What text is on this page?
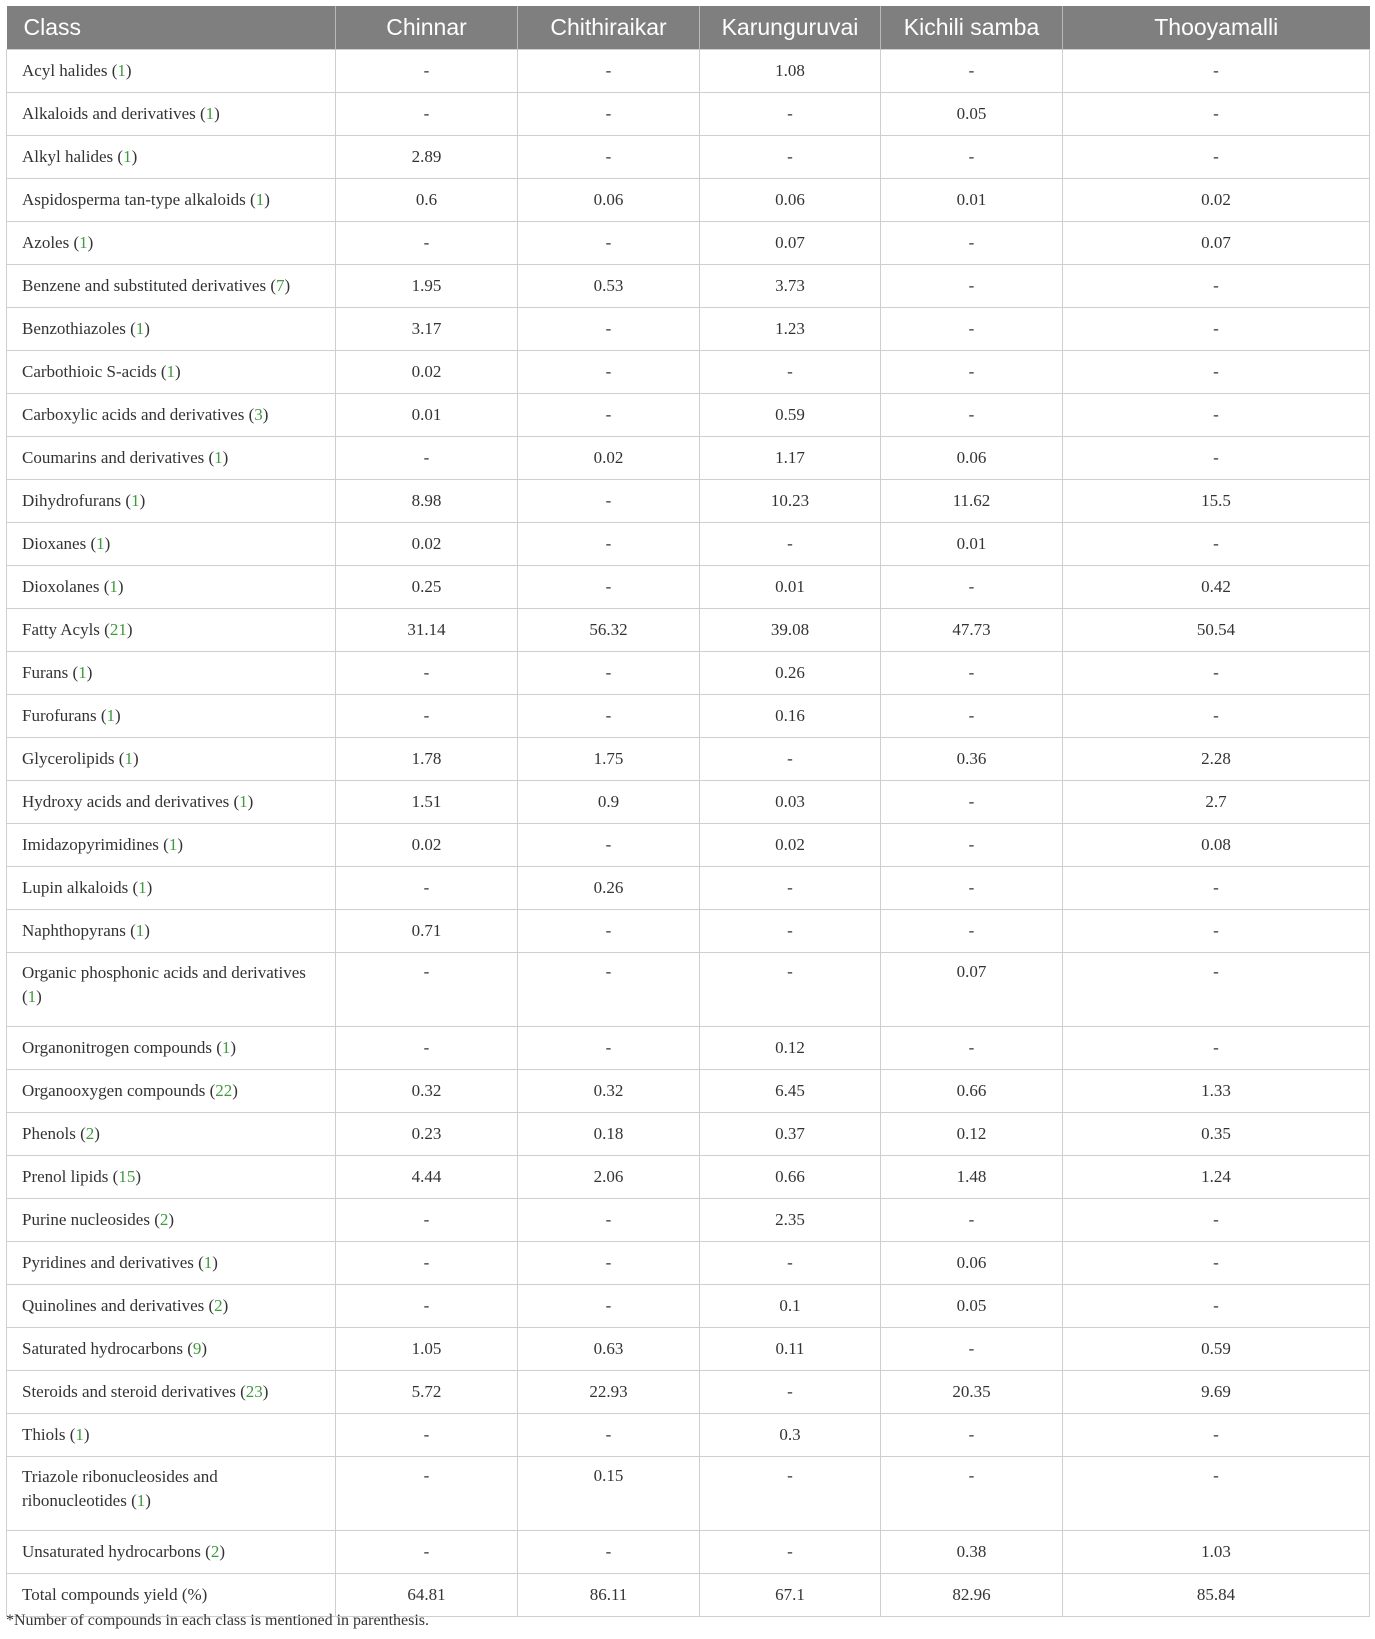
Class	Chinnar	Chithiraikar	Karunguruvai	Kichili samba	Thooyamalli
Acyl halides (1)	-	-	1.08	-	-
Alkaloids and derivatives (1)	-	-	-	0.05	-
Alkyl halides (1)	2.89	-	-	-	-
Aspidosperma tan-type alkaloids (1)	0.6	0.06	0.06	0.01	0.02
Azoles (1)	-	-	0.07	-	0.07
Benzene and substituted derivatives (7)	1.95	0.53	3.73	-	-
Benzothiazoles (1)	3.17	-	1.23	-	-
Carbothioic S-acids (1)	0.02	-	-	-	-
Carboxylic acids and derivatives (3)	0.01	-	0.59	-	-
Coumarins and derivatives (1)	-	0.02	1.17	0.06	-
Dihydrofurans (1)	8.98	-	10.23	11.62	15.5
Dioxanes (1)	0.02	-	-	0.01	-
Dioxolanes (1)	0.25	-	0.01	-	0.42
Fatty Acyls (21)	31.14	56.32	39.08	47.73	50.54
Furans (1)	-	-	0.26	-	-
Furofurans (1)	-	-	0.16	-	-
Glycerolipids (1)	1.78	1.75	-	0.36	2.28
Hydroxy acids and derivatives (1)	1.51	0.9	0.03	-	2.7
Imidazopyrimidines (1)	0.02	-	0.02	-	0.08
Lupin alkaloids (1)	-	0.26	-	-	-
Naphthopyrans (1)	0.71	-	-	-	-
Organic phosphonic acids and derivatives (1)	-	-	-	0.07	-
Organonitrogen compounds (1)	-	-	0.12	-	-
Organooxygen compounds (22)	0.32	0.32	6.45	0.66	1.33
Phenols (2)	0.23	0.18	0.37	0.12	0.35
Prenol lipids (15)	4.44	2.06	0.66	1.48	1.24
Purine nucleosides (2)	-	-	2.35	-	-
Pyridines and derivatives (1)	-	-	-	0.06	-
Quinolines and derivatives (2)	-	-	0.1	0.05	-
Saturated hydrocarbons (9)	1.05	0.63	0.11	-	0.59
Steroids and steroid derivatives (23)	5.72	22.93	-	20.35	9.69
Thiols (1)	-	-	0.3	-	-
Triazole ribonucleosides and ribonucleotides (1)	-	0.15	-	-	-
Unsaturated hydrocarbons (2)	-	-	-	0.38	1.03
Total compounds yield (%)	64.81	86.11	67.1	82.96	85.84
*Number of compounds in each class is mentioned in parenthesis.
